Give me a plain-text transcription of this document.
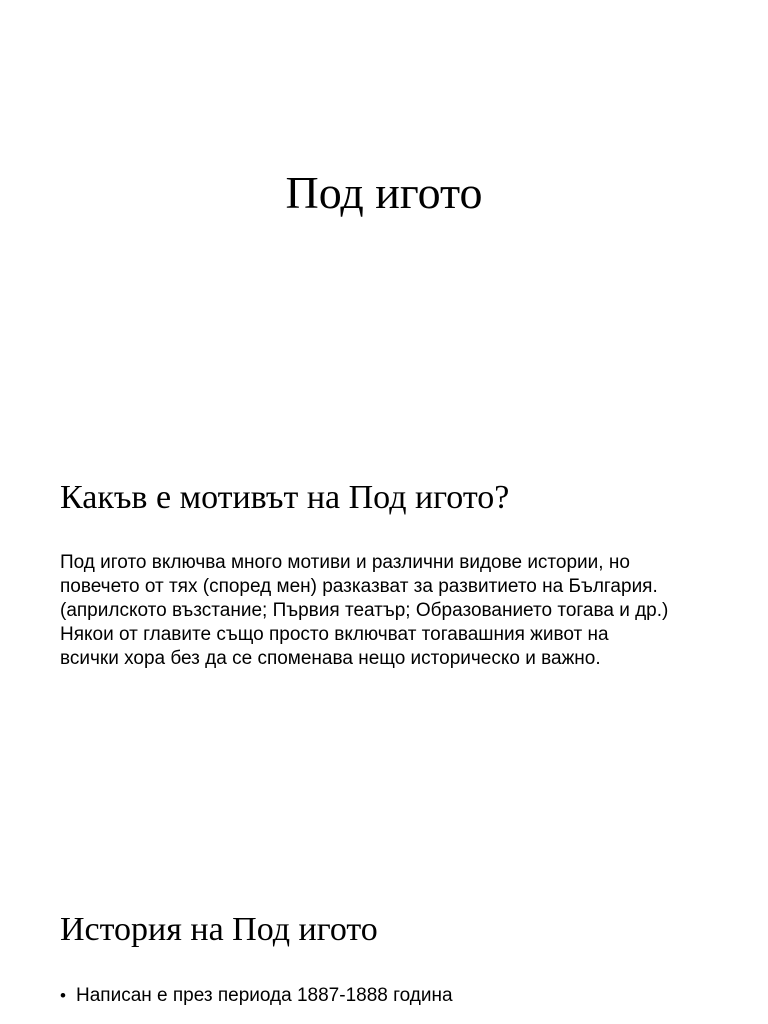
Под игото
Какъв е мотивът на Под игото?

Под игото включва много мотиви и различни видове истории, но
повечето от тях (според мен) разказват за развитието на България.
(априлското възстание; Първия театър; Образованието тогава и др.)
Някои от главите също просто включват тогавашния живот на
всички хора без да се споменава нещо историческо и важно.

История на Под игото
• Написан е през периода 1887-1888 година
